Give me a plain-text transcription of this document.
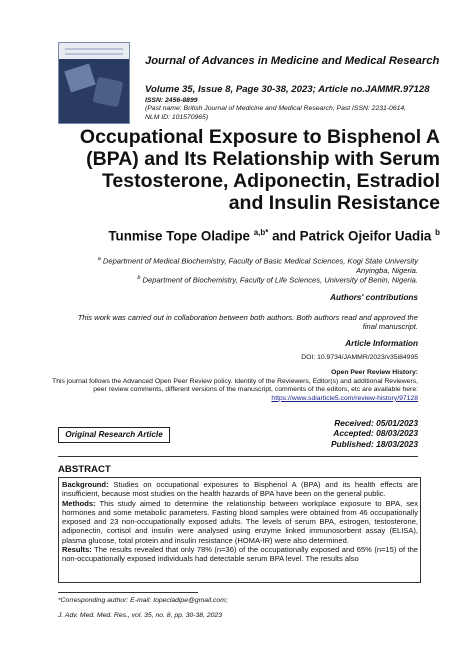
Journal of Advances in Medicine and Medical Research
Volume 35, Issue 8, Page 30-38, 2023; Article no.JAMMR.97128
ISSN: 2456-8899
(Past name: British Journal of Medicine and Medical Research, Past ISSN: 2231-0614,
NLM ID: 101570965)
Occupational Exposure to Bisphenol A
(BPA) and Its Relationship with Serum
Testosterone, Adiponectin, Estradiol
and Insulin Resistance
Tunmise Tope Oladipe $^{a,b*}$ and Patrick Ojeifor Uadia $^b$
$^a$ Department of Medical Biochemistry, Faculty of Basic Medical Sciences, Kogi State University
Anyingba, Nigeria.
$^b$ Department of Biochemistry, Faculty of Life Sciences, University of Benin, Nigeria.
Authors' contributions
This work was carried out in collaboration between both authors. Both authors read and approved the
final manuscript.
Article Information
DOI: 10.9734/JAMMR/2023/v35i84995
Open Peer Review History:
This journal follows the Advanced Open Peer Review policy. Identity of the Reviewers, Editor(s) and additional Reviewers,
peer review comments, different versions of the manuscript, comments of the editors, etc are available here:
https://www.sdiarticle5.com/review-history/97128
Original Research Article
Received: 05/01/2023
Accepted: 08/03/2023
Published: 18/03/2023
ABSTRACT
Background: Studies on occupational exposures to Bisphenol A (BPA) and its health effects are insufficient, because most studies on the health hazards of BPA have been on the general public.
Methods: This study aimed to determine the relationship between workplace exposure to BPA, sex hormones and some metabolic parameters. Fasting blood samples were obtained from 46 occupationally exposed and 23 non-occupationally exposed adults. The levels of serum BPA, estrogen, testosterone, adiponectin, cortisol and insulin were analysed using enzyme linked immunosorbent assay (ELISA), plasma glucose, total protein and insulin resistance (HOMA-IR) were also determined.
Results: The results revealed that only 78% (n=36) of the occupationally exposed and 65% (n=15) of the non-occupationally exposed individuals had detectable serum BPA level. The results also
*Corresponding author: E-mail: topecladipe@gmail.com;
J. Adv. Med. Med. Res., vol. 35, no. 8, pp. 30-38, 2023
